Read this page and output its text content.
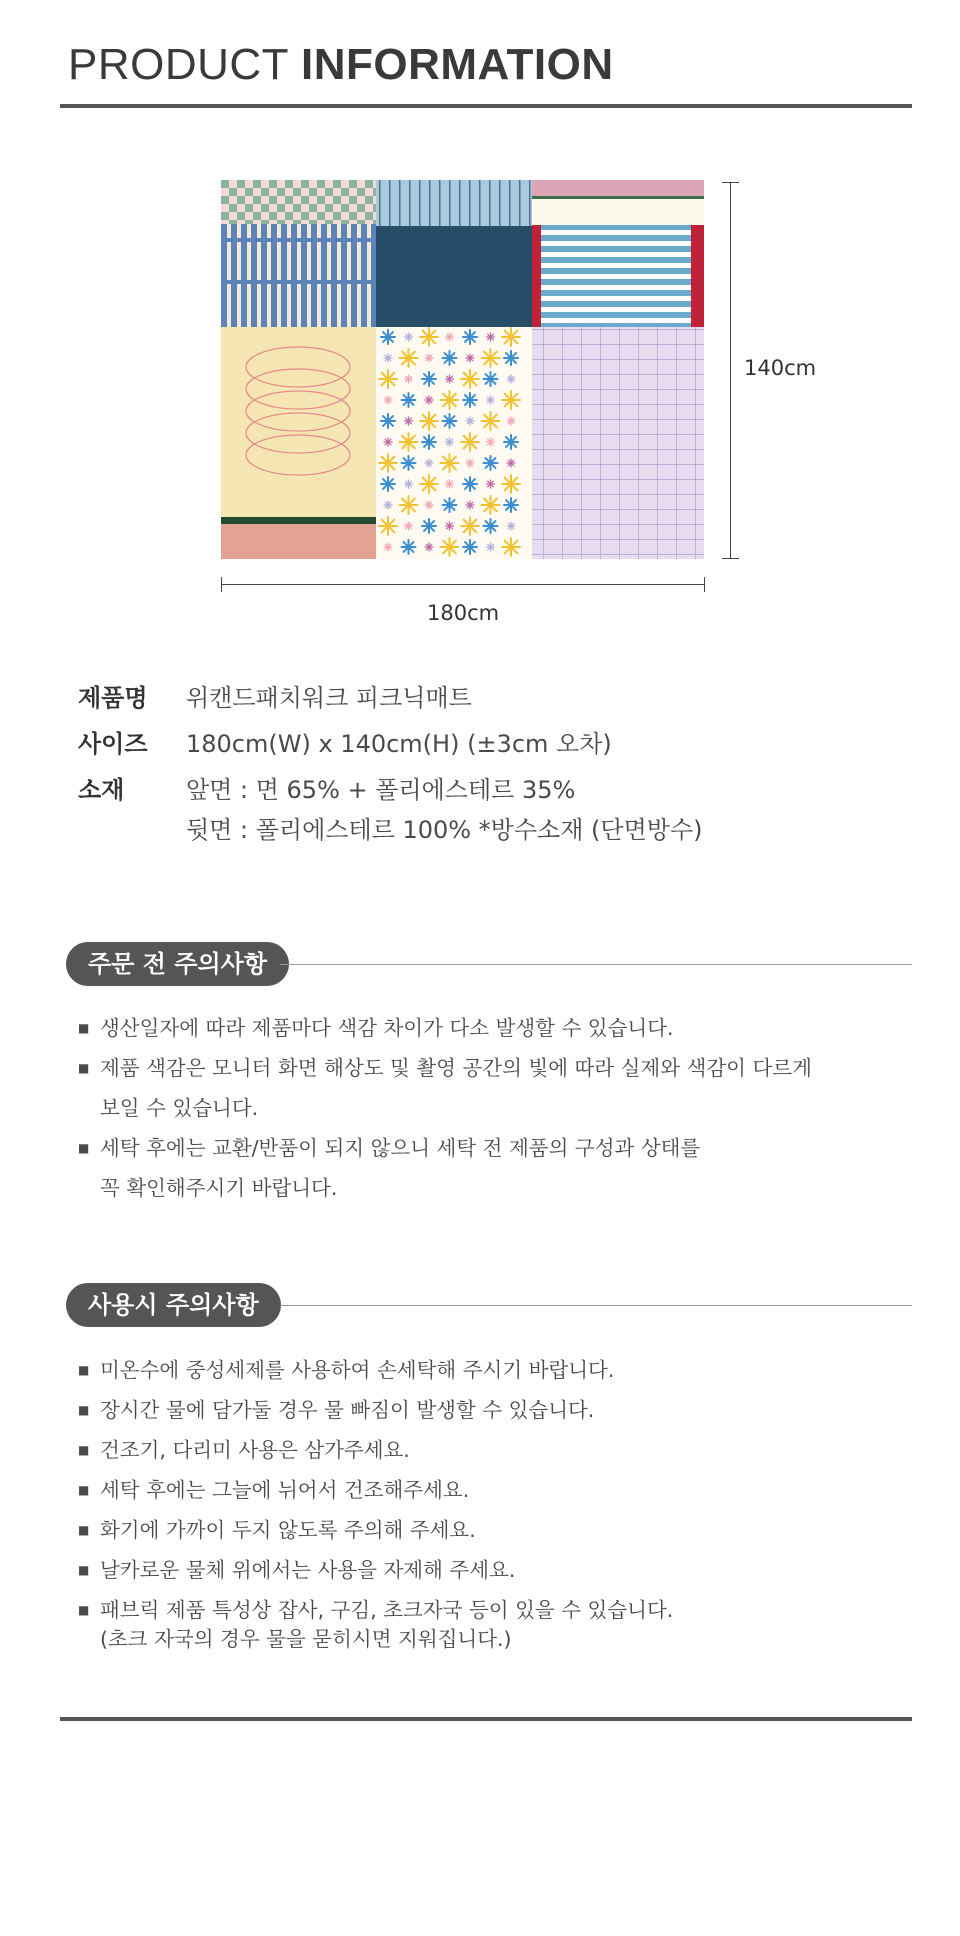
PRODUCT INFORMATION
140cm
180cm
제품명	위캔드패치워크 피크닉매트
사이즈	180cm(W) x 140cm(H) (±3cm 오차)
소재	앞면 : 면 65% + 폴리에스테르 35%
뒷면 : 폴리에스테르 100% *방수소재 (단면방수)
주문 전 주의사항
■ 생산일자에 따라 제품마다 색감 차이가 다소 발생할 수 있습니다.
■ 제품 색감은 모니터 화면 해상도 및 촬영 공간의 빛에 따라 실제와 색감이 다르게
보일 수 있습니다.
■ 세탁 후에는 교환/반품이 되지 않으니 세탁 전 제품의 구성과 상태를
꼭 확인해주시기 바랍니다.
사용시 주의사항
■ 미온수에 중성세제를 사용하여 손세탁해 주시기 바랍니다.
■ 장시간 물에 담가둘 경우 물 빠짐이 발생할 수 있습니다.
■ 건조기, 다리미 사용은 삼가주세요.
■ 세탁 후에는 그늘에 뉘어서 건조해주세요.
■ 화기에 가까이 두지 않도록 주의해 주세요.
■ 날카로운 물체 위에서는 사용을 자제해 주세요.
■ 패브릭 제품 특성상 잡사, 구김, 초크자국 등이 있을 수 있습니다.
(초크 자국의 경우 물을 묻히시면 지워집니다.)
